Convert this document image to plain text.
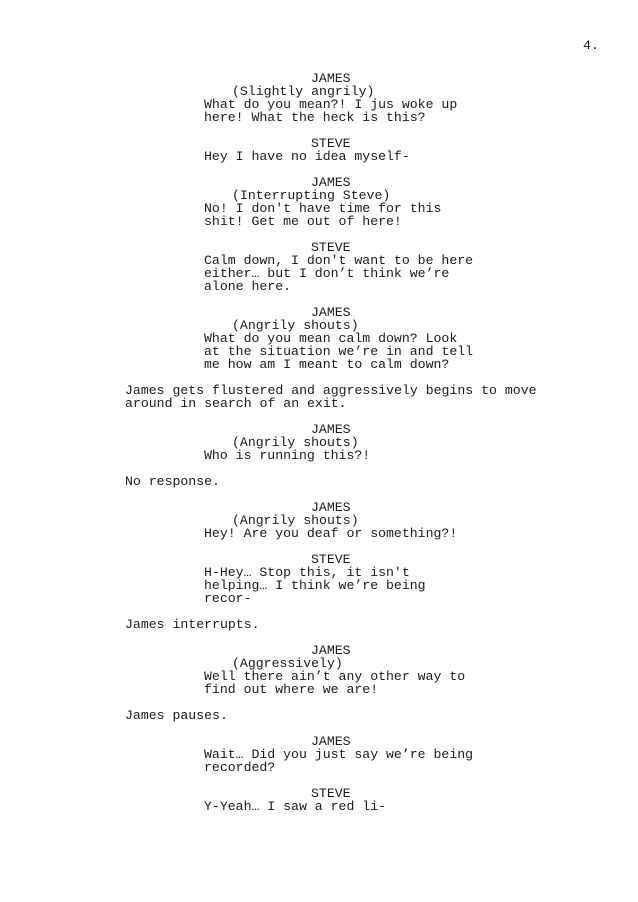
4.
JAMES
(Slightly angrily)
What do you mean?! I jus woke up
here! What the heck is this?
STEVE
Hey I have no idea myself-
JAMES
(Interrupting Steve)
No! I don't have time for this
shit! Get me out of here!
STEVE
Calm down, I don't want to be here
either… but I don’t think we’re
alone here.
JAMES
(Angrily shouts)
What do you mean calm down? Look
at the situation we’re in and tell
me how am I meant to calm down?
James gets flustered and aggressively begins to move
around in search of an exit.
JAMES
(Angrily shouts)
Who is running this?!
No response.
JAMES
(Angrily shouts)
Hey! Are you deaf or something?!
STEVE
H-Hey… Stop this, it isn't
helping… I think we’re being
recor-
James interrupts.
JAMES
(Aggressively)
Well there ain’t any other way to
find out where we are!
James pauses.
JAMES
Wait… Did you just say we’re being
recorded?
STEVE
Y-Yeah… I saw a red li-
